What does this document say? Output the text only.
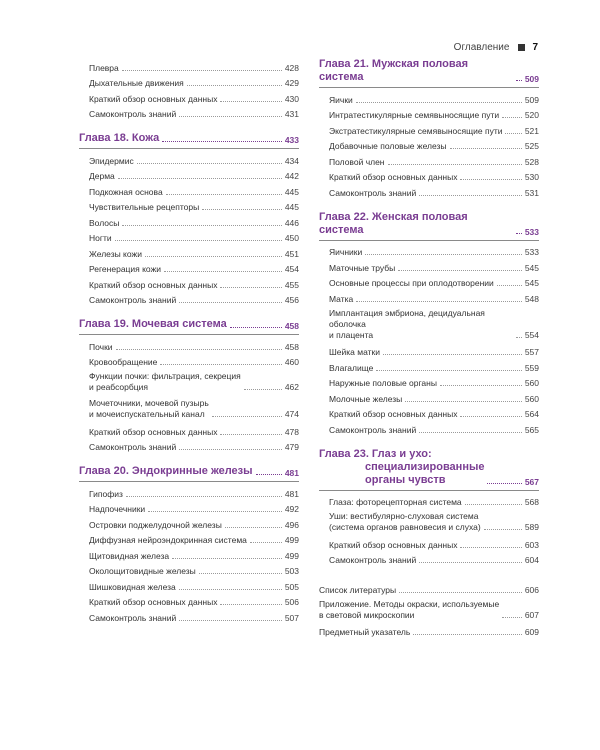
Оглавление 7
Плевра	428
Дыхательные движения	429
Краткий обзор основных данных	430
Самоконтроль знаний	431
Глава 18. Кожа	433
Эпидермис	434
Дерма	442
Подкожная основа	445
Чувствительные рецепторы	445
Волосы	446
Ногти	450
Железы кожи	451
Регенерация кожи	454
Краткий обзор основных данных	455
Самоконтроль знаний	456
Глава 19. Мочевая система	458
Почки	458
Кровообращение	460
Функции почки: фильтрация, секреция
и реабсорбция	462
Мочеточники, мочевой пузырь
и мочеиспускательный канал	474
Краткий обзор основных данных	478
Самоконтроль знаний	479
Глава 20. Эндокринные железы	481
Гипофиз	481
Надпочечники	492
Островки поджелудочной железы	496
Диффузная нейроэндокринная система	499
Щитовидная железа	499
Околощитовидные железы	503
Шишковидная железа	505
Краткий обзор основных данных	506
Самоконтроль знаний	507
Глава 21. Мужская половая система	509
Яички	509
Интратестикулярные семявыносящие пути	520
Экстратестикулярные семявыносящие пути	521
Добавочные половые железы	525
Половой член	528
Краткий обзор основных данных	530
Самоконтроль знаний	531
Глава 22. Женская половая система	533
Яичники	533
Маточные трубы	545
Основные процессы при оплодотворении	545
Матка	548
Имплантация эмбриона, децидуальная оболочка
и плацента	554
Шейка матки	557
Влагалище	559
Наружные половые органы	560
Молочные железы	560
Краткий обзор основных данных	564
Самоконтроль знаний	565
Глава 23. Глаз и ухо:
специализированные
органы чувств	567
Глаза: фоторецепторная система	568
Уши: вестибулярно-слуховая система
(система органов равновесия и слуха)	589
Краткий обзор основных данных	603
Самоконтроль знаний	604
Список литературы	606
Приложение. Методы окраски, используемые
в световой микроскопии	607
Предметный указатель	609
